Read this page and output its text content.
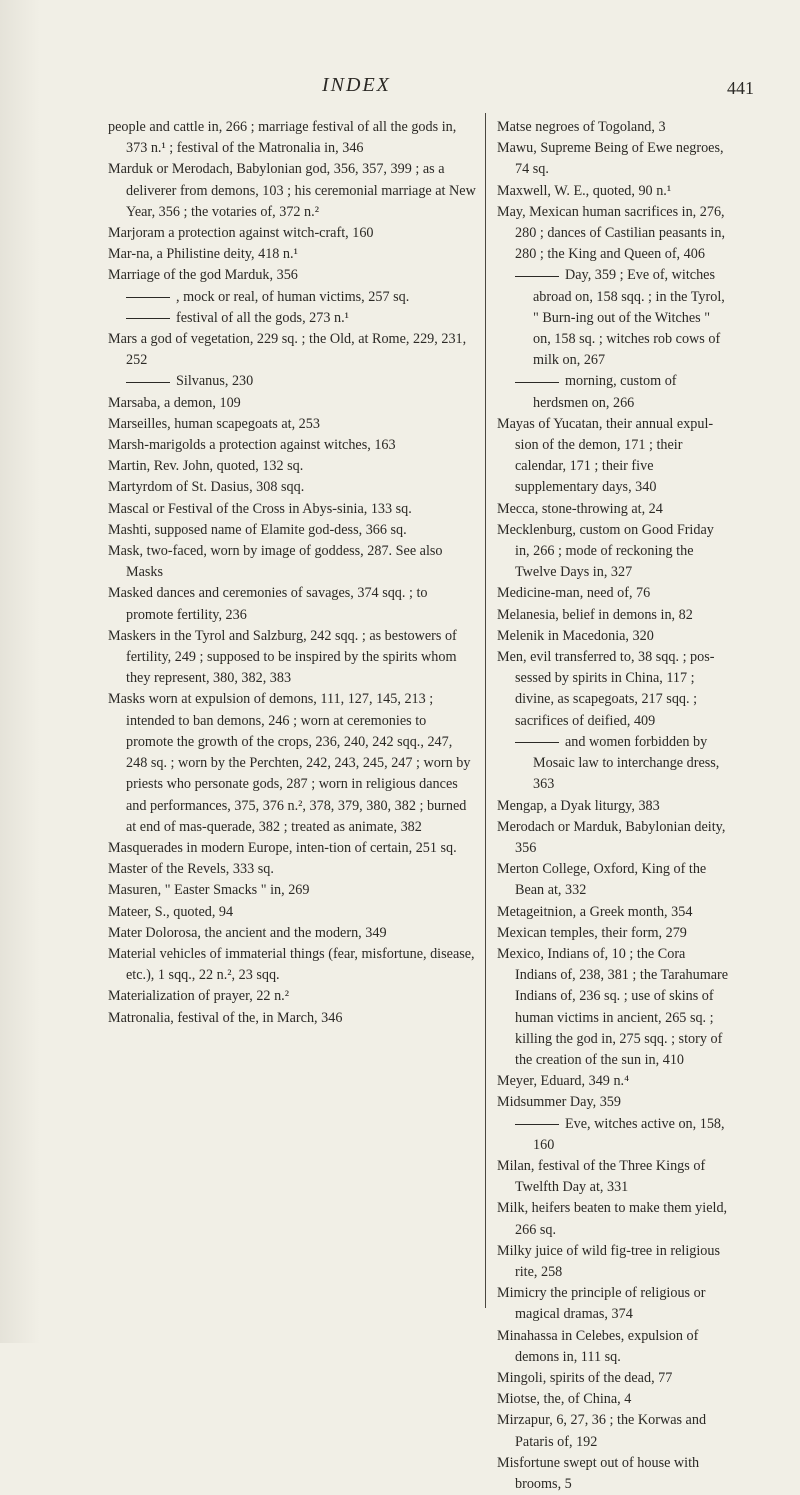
INDEX	441

people and cattle in, 266 ; marriage festival of all the gods in, 373 n.¹ ; festival of the Matronalia in, 346

Marduk or Merodach, Babylonian god, 356, 357, 399 ; as a deliverer from demons, 103 ; his ceremonial marriage at New Year, 356 ; the votaries of, 372 n.²

Marjoram a protection against witch-craft, 160

Mar-na, a Philistine deity, 418 n.¹

Marriage of the god Marduk, 356

, mock or real, of human victims, 257 sq.

festival of all the gods, 273 n.¹

Mars a god of vegetation, 229 sq. ; the Old, at Rome, 229, 231, 252

Silvanus, 230

Marsaba, a demon, 109

Marseilles, human scapegoats at, 253

Marsh-marigolds a protection against witches, 163

Martin, Rev. John, quoted, 132 sq.

Martyrdom of St. Dasius, 308 sqq.

Mascal or Festival of the Cross in Abys-sinia, 133 sq.

Mashti, supposed name of Elamite god-dess, 366 sq.

Mask, two-faced, worn by image of goddess, 287. See also Masks

Masked dances and ceremonies of savages, 374 sqq. ; to promote fertility, 236

Maskers in the Tyrol and Salzburg, 242 sqq. ; as bestowers of fertility, 249 ; supposed to be inspired by the spirits whom they represent, 380, 382, 383

Masks worn at expulsion of demons, 111, 127, 145, 213 ; intended to ban demons, 246 ; worn at ceremonies to promote the growth of the crops, 236, 240, 242 sqq., 247, 248 sq. ; worn by the Perchten, 242, 243, 245, 247 ; worn by priests who personate gods, 287 ; worn in religious dances and performances, 375, 376 n.², 378, 379, 380, 382 ; burned at end of mas-querade, 382 ; treated as animate, 382

Masquerades in modern Europe, inten-tion of certain, 251 sq.

Master of the Revels, 333 sq.

Masuren, " Easter Smacks " in, 269

Mateer, S., quoted, 94

Mater Dolorosa, the ancient and the modern, 349

Material vehicles of immaterial things (fear, misfortune, disease, etc.), 1 sqq., 22 n.², 23 sqq.

Materialization of prayer, 22 n.²

Matronalia, festival of the, in March, 346

Matse negroes of Togoland, 3

Mawu, Supreme Being of Ewe negroes, 74 sq.

Maxwell, W. E., quoted, 90 n.¹

May, Mexican human sacrifices in, 276, 280 ; dances of Castilian peasants in, 280 ; the King and Queen of, 406

Day, 359 ; Eve of, witches abroad on, 158 sqq. ; in the Tyrol, " Burn-ing out of the Witches " on, 158 sq. ; witches rob cows of milk on, 267

morning, custom of herdsmen on, 266

Mayas of Yucatan, their annual expul-sion of the demon, 171 ; their calendar, 171 ; their five supplementary days, 340

Mecca, stone-throwing at, 24

Mecklenburg, custom on Good Friday in, 266 ; mode of reckoning the Twelve Days in, 327

Medicine-man, need of, 76

Melanesia, belief in demons in, 82

Melenik in Macedonia, 320

Men, evil transferred to, 38 sqq. ; pos-sessed by spirits in China, 117 ; divine, as scapegoats, 217 sqq. ; sacrifices of deified, 409

and women forbidden by Mosaic law to interchange dress, 363

Mengap, a Dyak liturgy, 383

Merodach or Marduk, Babylonian deity, 356

Merton College, Oxford, King of the Bean at, 332

Metageitnion, a Greek month, 354

Mexican temples, their form, 279

Mexico, Indians of, 10 ; the Cora Indians of, 238, 381 ; the Tarahumare Indians of, 236 sq. ; use of skins of human victims in ancient, 265 sq. ; killing the god in, 275 sqq. ; story of the creation of the sun in, 410

Meyer, Eduard, 349 n.⁴

Midsummer Day, 359

Eve, witches active on, 158, 160

Milan, festival of the Three Kings of Twelfth Day at, 331

Milk, heifers beaten to make them yield, 266 sq.

Milky juice of wild fig-tree in religious rite, 258

Mimicry the principle of religious or magical dramas, 374

Minahassa in Celebes, expulsion of demons in, 111 sq.

Mingoli, spirits of the dead, 77

Miotse, the, of China, 4

Mirzapur, 6, 27, 36 ; the Korwas and Pataris of, 192

Misfortune swept out of house with brooms, 5
